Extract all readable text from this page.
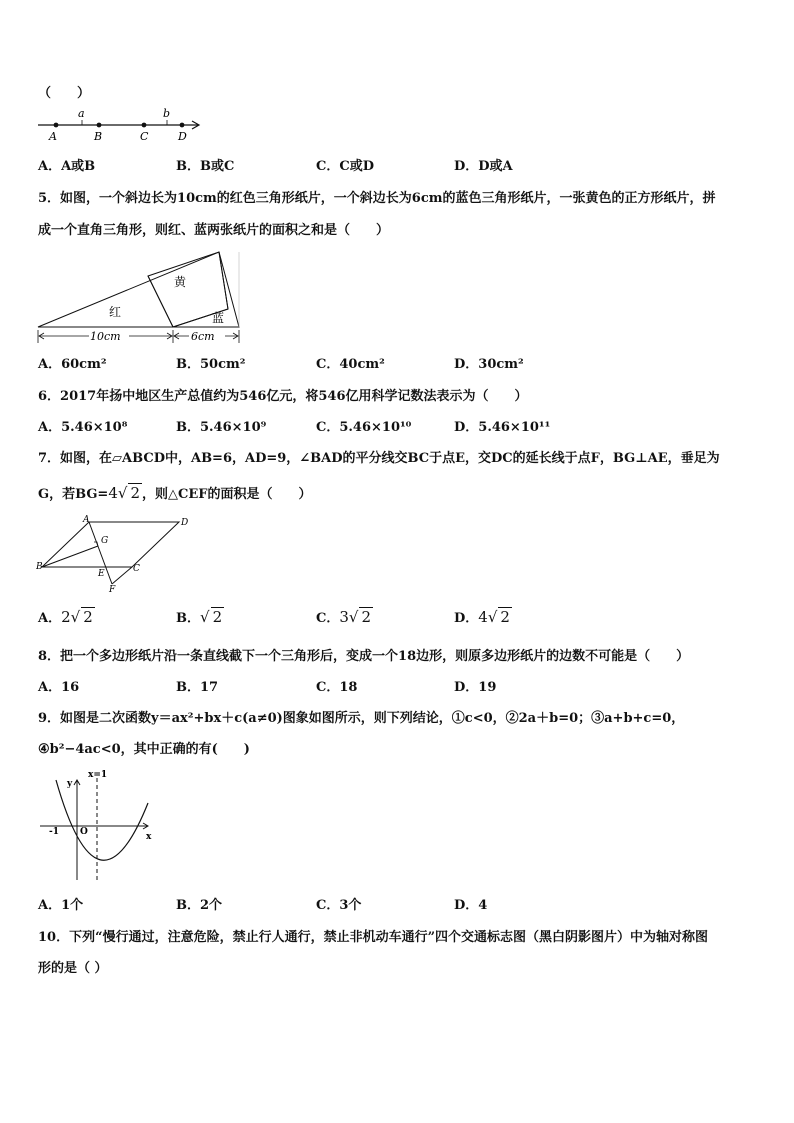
（　　）
A	B	C	D
a	b
A．A或B	B．B或C	C．C或D	D．D或A
5．如图，一个斜边长为10cm的红色三角形纸片，一个斜边长为6cm的蓝色三角形纸片，一张黄色的正方形纸片，拼
成一个直角三角形，则红、蓝两张纸片的面积之和是（　　）
红
黄
蓝
10cm	6cm
A．60cm²	B．50cm²	C．40cm²	D．30cm²
6．2017年扬中地区生产总值约为546亿元，将546亿用科学记数法表示为（　　）
A．5.46×10⁸	B．5.46×10⁹	C．5.46×10¹⁰	D．5.46×10¹¹
7．如图，在▱ABCD中，AB=6，AD=9，∠BAD的平分线交BC于点E，交DC的延长线于点F，BG⊥AE，垂足为
G，若BG=4√ 2 ，则△CEF的面积是（　　）
A	D
G
B
E	C
F
A．2√ 2	B．√ 2	C．3√ 2	D．4√ 2
8．把一个多边形纸片沿一条直线截下一个三角形后，变成一个18边形，则原多边形纸片的边数不可能是（　　）
A．16	B．17	C．18	D．19
9．如图是二次函数y＝ax²+bx＋c(a≠0)图象如图所示，则下列结论，①c<0，②2a＋b=0；③a+b+c=0，
④b²−4ac<0，其中正确的有(　　)
x=1
y
x
O
-1
A．1个	B．2个	C．3个	D．4
10．下列“慢行通过，注意危险，禁止行人通行，禁止非机动车通行”四个交通标志图（黑白阴影图片）中为轴对称图
形的是（ ）
